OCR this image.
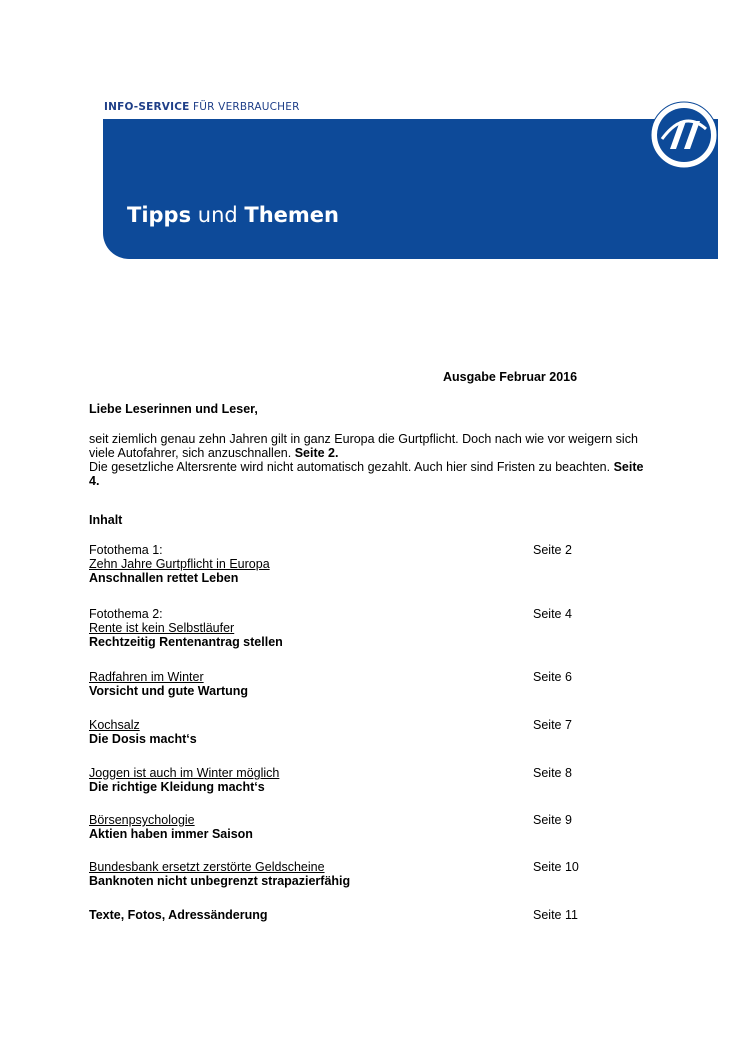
INFO-SERVICE FÜR VERBRAUCHER
Tipps und Themen
Ausgabe Februar 2016
Liebe Leserinnen und Leser,

seit ziemlich genau zehn Jahren gilt in ganz Europa die Gurtpflicht. Doch nach wie vor weigern sich viele Autofahrer, sich anzuschnallen. Seite 2.

Die gesetzliche Altersrente wird nicht automatisch gezahlt. Auch hier sind Fristen zu beachten. Seite 4.

Inhalt
Fotothema 1:
Zehn Jahre Gurtpflicht in Europa
Anschnallen rettet Leben
Seite 2
Fotothema 2:
Rente ist kein Selbstläufer
Rechtzeitig Rentenantrag stellen
Seite 4
Radfahren im Winter
Vorsicht und gute Wartung
Seite 6
Kochsalz
Die Dosis macht‘s
Seite 7
Joggen ist auch im Winter möglich
Die richtige Kleidung macht‘s
Seite 8
Börsenpsychologie
Aktien haben immer Saison
Seite 9
Bundesbank ersetzt zerstörte Geldscheine
Banknoten nicht unbegrenzt strapazierfähig
Seite 10
Texte, Fotos, Adressänderung	Seite 11
